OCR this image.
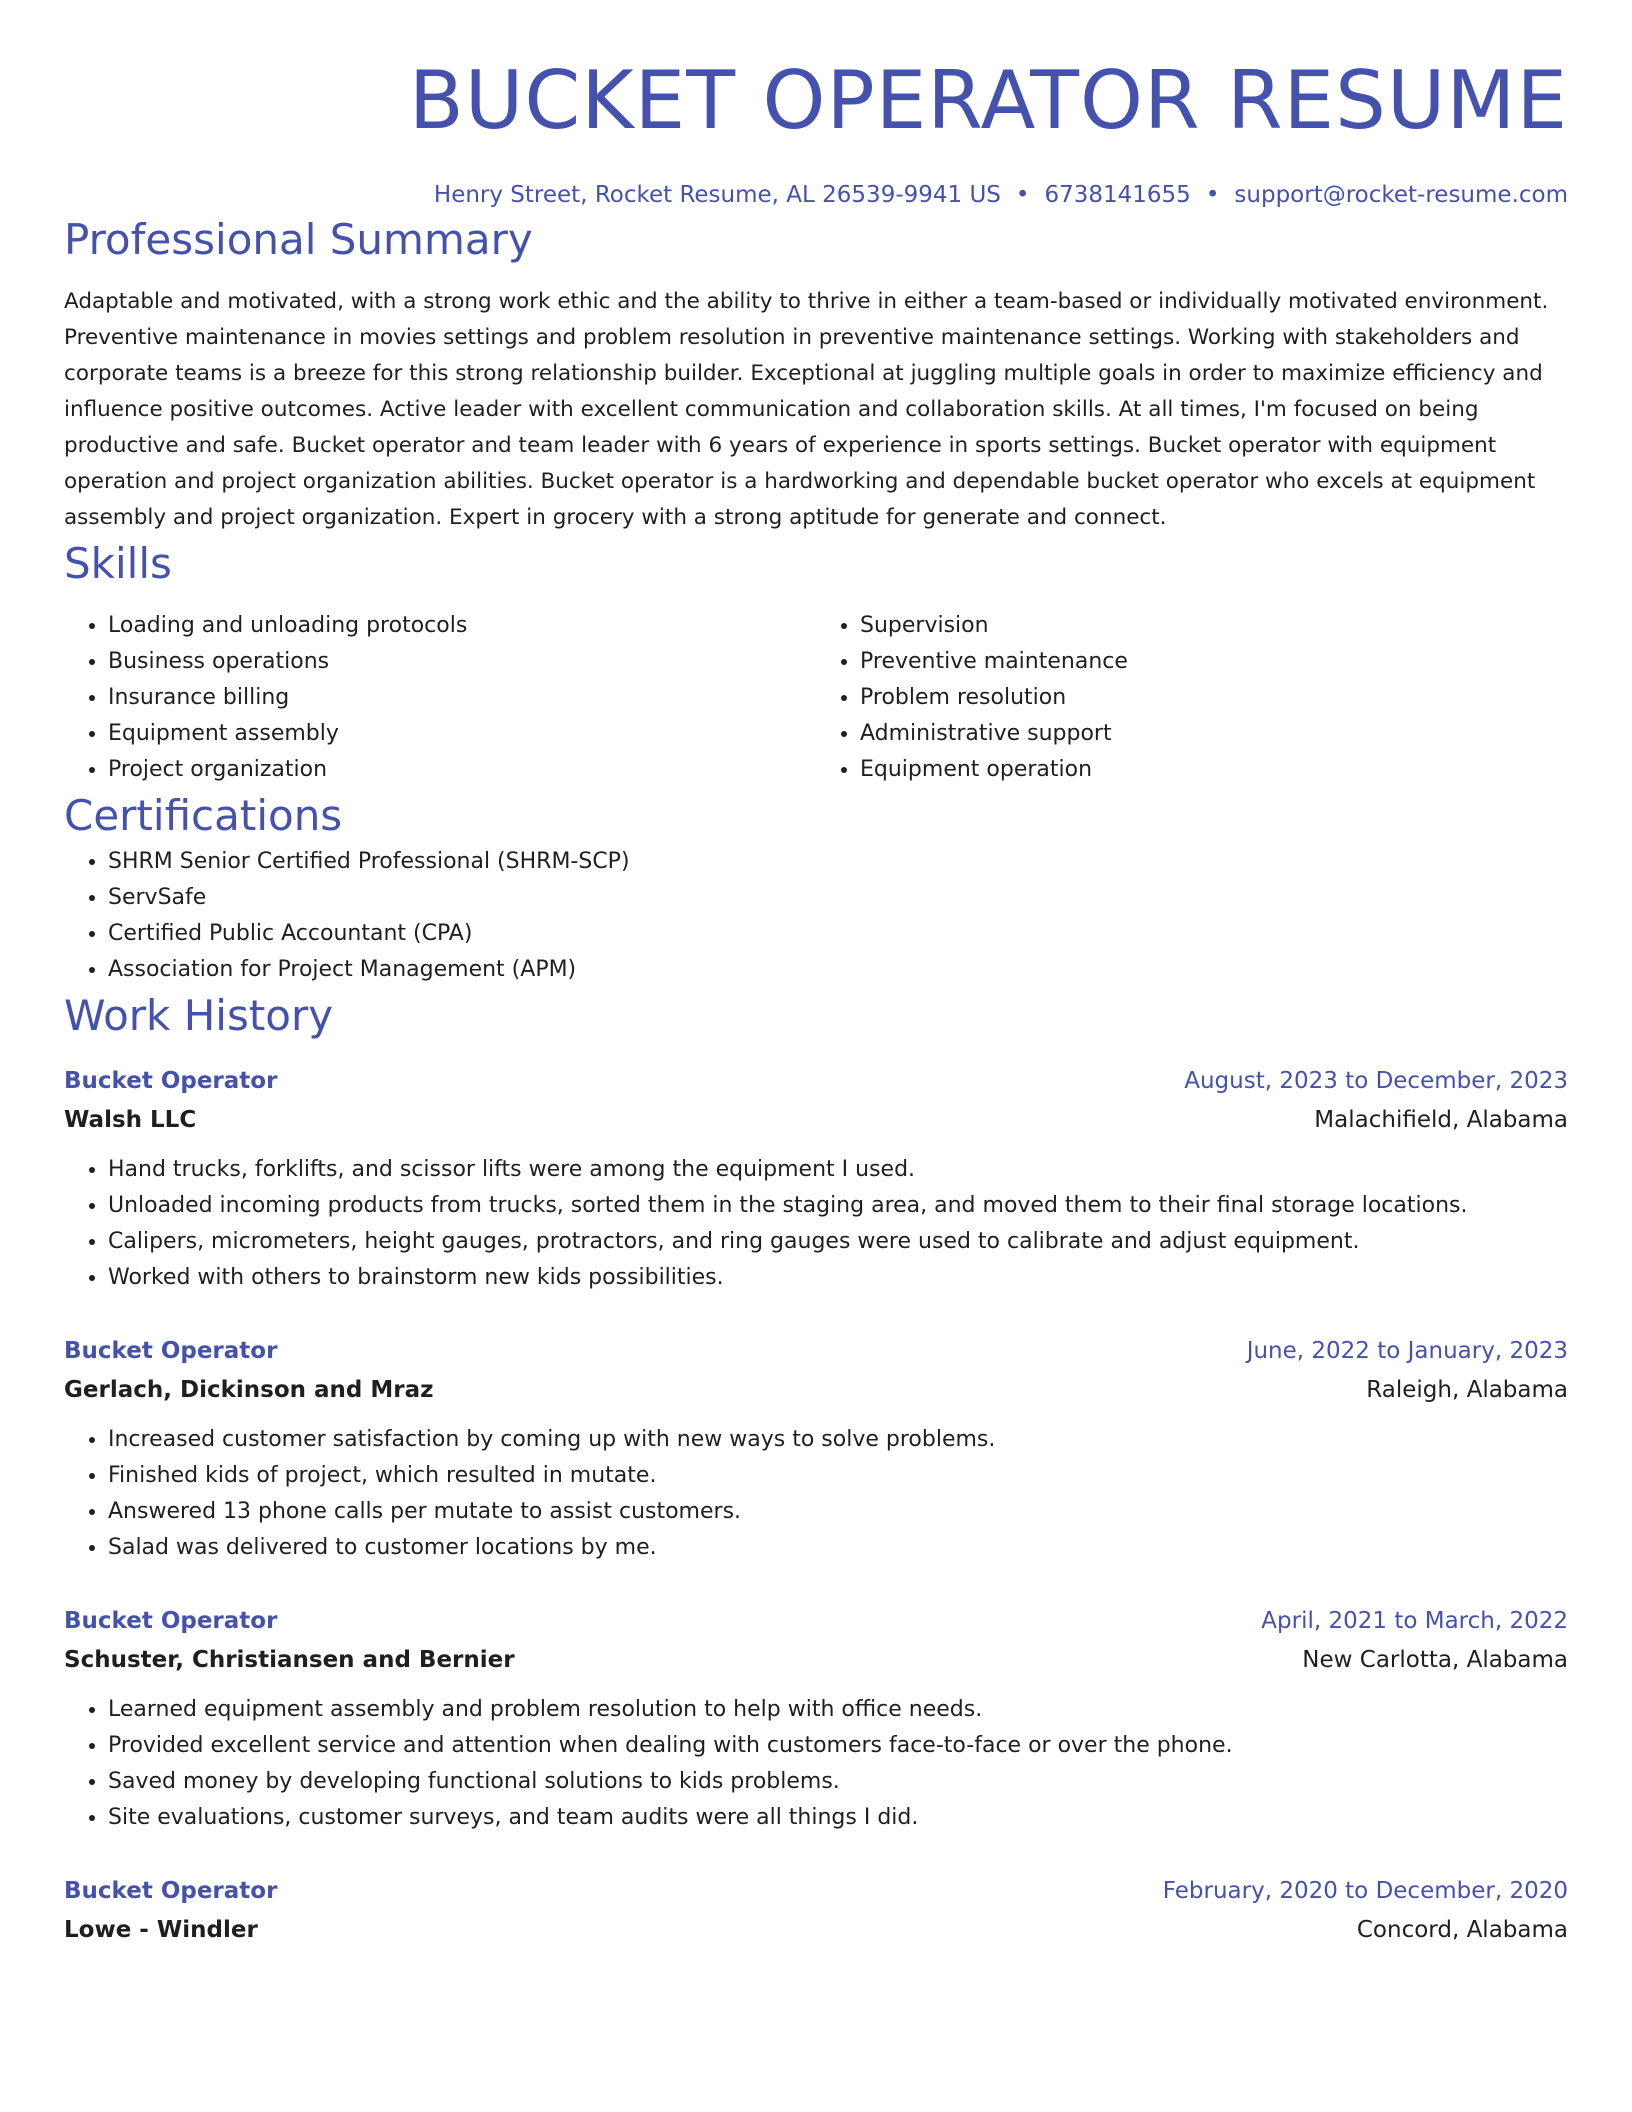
BUCKET OPERATOR RESUME
Henry Street, Rocket Resume, AL 26539-9941 US • 6738141655 • support@rocket-resume.com
Professional Summary
Adaptable and motivated, with a strong work ethic and the ability to thrive in either a team-based or individually motivated environment. Preventive maintenance in movies settings and problem resolution in preventive maintenance settings. Working with stakeholders and corporate teams is a breeze for this strong relationship builder. Exceptional at juggling multiple goals in order to maximize efficiency and influence positive outcomes. Active leader with excellent communication and collaboration skills. At all times, I'm focused on being productive and safe. Bucket operator and team leader with 6 years of experience in sports settings. Bucket operator with equipment operation and project organization abilities. Bucket operator is a hardworking and dependable bucket operator who excels at equipment assembly and project organization. Expert in grocery with a strong aptitude for generate and connect.
Skills
• Loading and unloading protocols
• Business operations
• Insurance billing
• Equipment assembly
• Project organization
• Supervision
• Preventive maintenance
• Problem resolution
• Administrative support
• Equipment operation
Certifications
• SHRM Senior Certified Professional (SHRM-SCP)
• ServSafe
• Certified Public Accountant (CPA)
• Association for Project Management (APM)
Work History
Bucket Operator	August, 2023 to December, 2023
Walsh LLC	Malachifield, Alabama
• Hand trucks, forklifts, and scissor lifts were among the equipment I used.
• Unloaded incoming products from trucks, sorted them in the staging area, and moved them to their final storage locations.
• Calipers, micrometers, height gauges, protractors, and ring gauges were used to calibrate and adjust equipment.
• Worked with others to brainstorm new kids possibilities.
Bucket Operator	June, 2022 to January, 2023
Gerlach, Dickinson and Mraz	Raleigh, Alabama
• Increased customer satisfaction by coming up with new ways to solve problems.
• Finished kids of project, which resulted in mutate.
• Answered 13 phone calls per mutate to assist customers.
• Salad was delivered to customer locations by me.
Bucket Operator	April, 2021 to March, 2022
Schuster, Christiansen and Bernier	New Carlotta, Alabama
• Learned equipment assembly and problem resolution to help with office needs.
• Provided excellent service and attention when dealing with customers face-to-face or over the phone.
• Saved money by developing functional solutions to kids problems.
• Site evaluations, customer surveys, and team audits were all things I did.
Bucket Operator	February, 2020 to December, 2020
Lowe - Windler	Concord, Alabama
